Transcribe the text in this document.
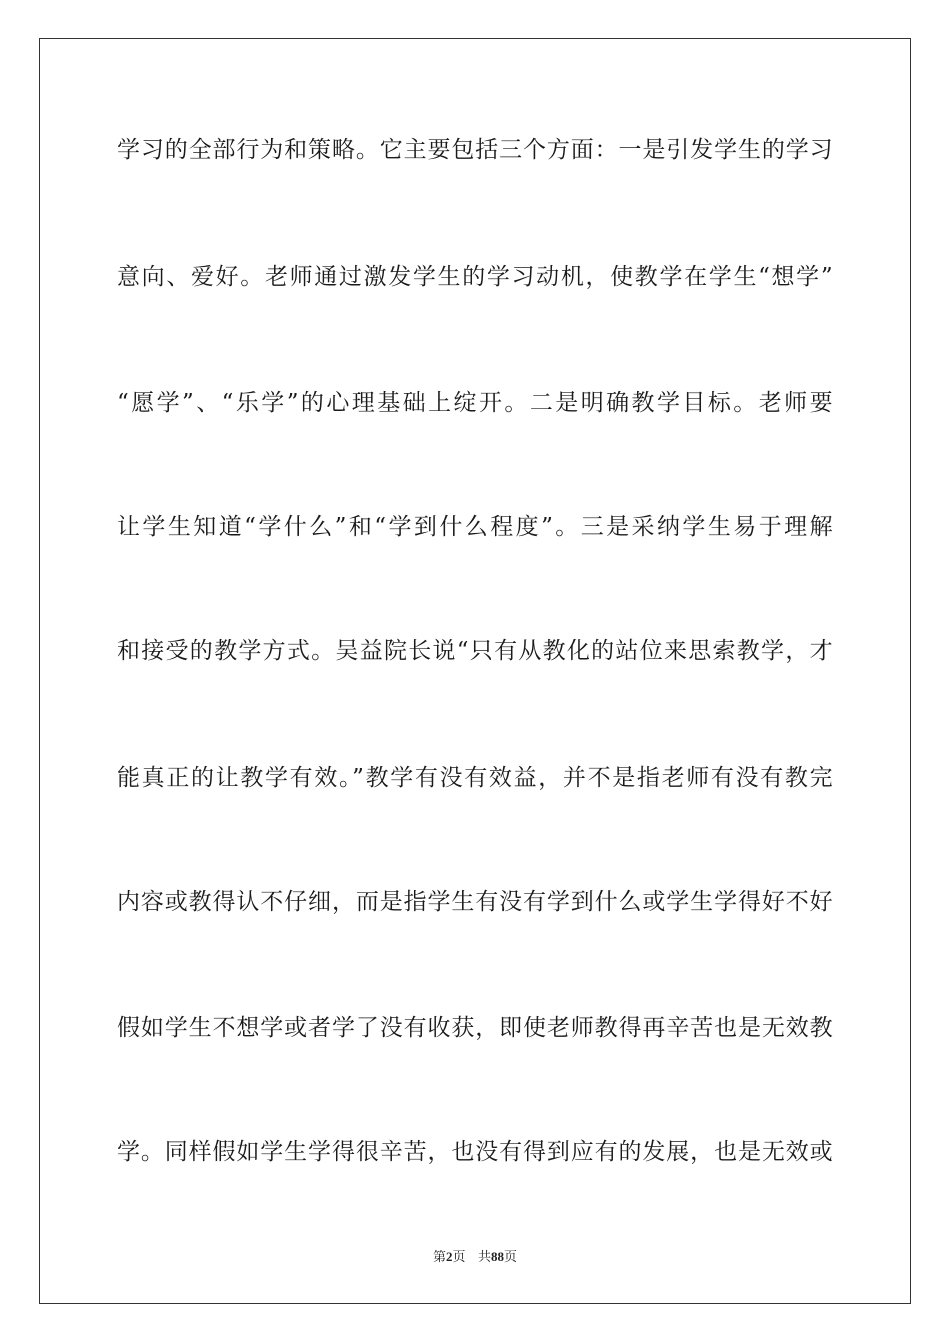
学习的全部行为和策略。它主要包括三个方面：一是引发学生的学习
意向、爱好。老师通过激发学生的学习动机，使教学在学生“想学”
“愿学”、“乐学”的心理基础上绽开。二是明确教学目标。老师要
让学生知道“学什么”和“学到什么程度”。三是采纳学生易于理解
和接受的教学方式。吴益院长说“只有从教化的站位来思索教学，才
能真正的让教学有效。”教学有没有效益，并不是指老师有没有教完
内容或教得认不仔细，而是指学生有没有学到什么或学生学得好不好
假如学生不想学或者学了没有收获，即使老师教得再辛苦也是无效教
学。同样假如学生学得很辛苦，也没有得到应有的发展，也是无效或
第2页 共88页
